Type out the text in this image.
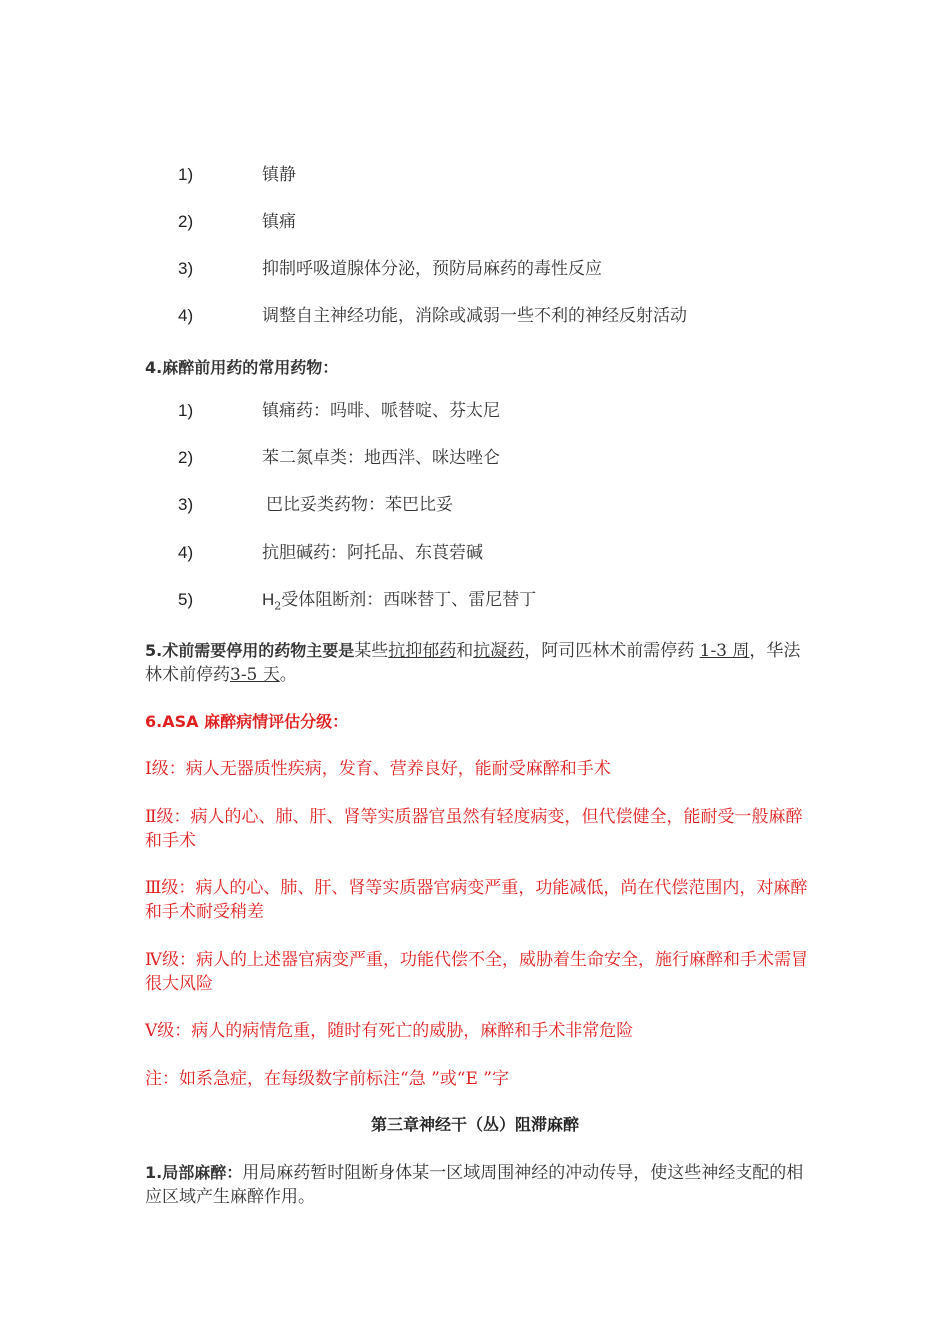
1)	镇静
2)	镇痛
3)	抑制呼吸道腺体分泌，预防局麻药的毒性反应
4)	调整自主神经功能，消除或减弱一些不利的神经反射活动
4.麻醉前用药的常用药物：
1)	镇痛药：吗啡、哌替啶、芬太尼
2)	苯二氮卓类：地西泮、咪达唑仑
3)	巴比妥类药物：苯巴比妥
4)	抗胆碱药：阿托品、东莨菪碱
5)	$H_2$受体阻断剂：西咪替丁、雷尼替丁
5.术前需要停用的药物主要是某些抗抑郁药和抗凝药，阿司匹林术前需停药 1-3 周，华法林术前停药3-5 天。
6.ASA 麻醉病情评估分级：
Ⅰ级：病人无器质性疾病，发育、营养良好，能耐受麻醉和手术
Ⅱ级：病人的心、肺、肝、肾等实质器官虽然有轻度病变，但代偿健全，能耐受一般麻醉和手术
Ⅲ级：病人的心、肺、肝、肾等实质器官病变严重，功能减低，尚在代偿范围内，对麻醉和手术耐受稍差
Ⅳ级：病人的上述器官病变严重，功能代偿不全，威胁着生命安全，施行麻醉和手术需冒很大风险
Ⅴ级：病人的病情危重，随时有死亡的威胁，麻醉和手术非常危险
注：如系急症，在每级数字前标注“急 ”或“E ”字
第三章神经干（丛）阻滞麻醉
1.局部麻醉：用局麻药暂时阻断身体某一区域周围神经的冲动传导，使这些神经支配的相应区域产生麻醉作用。
